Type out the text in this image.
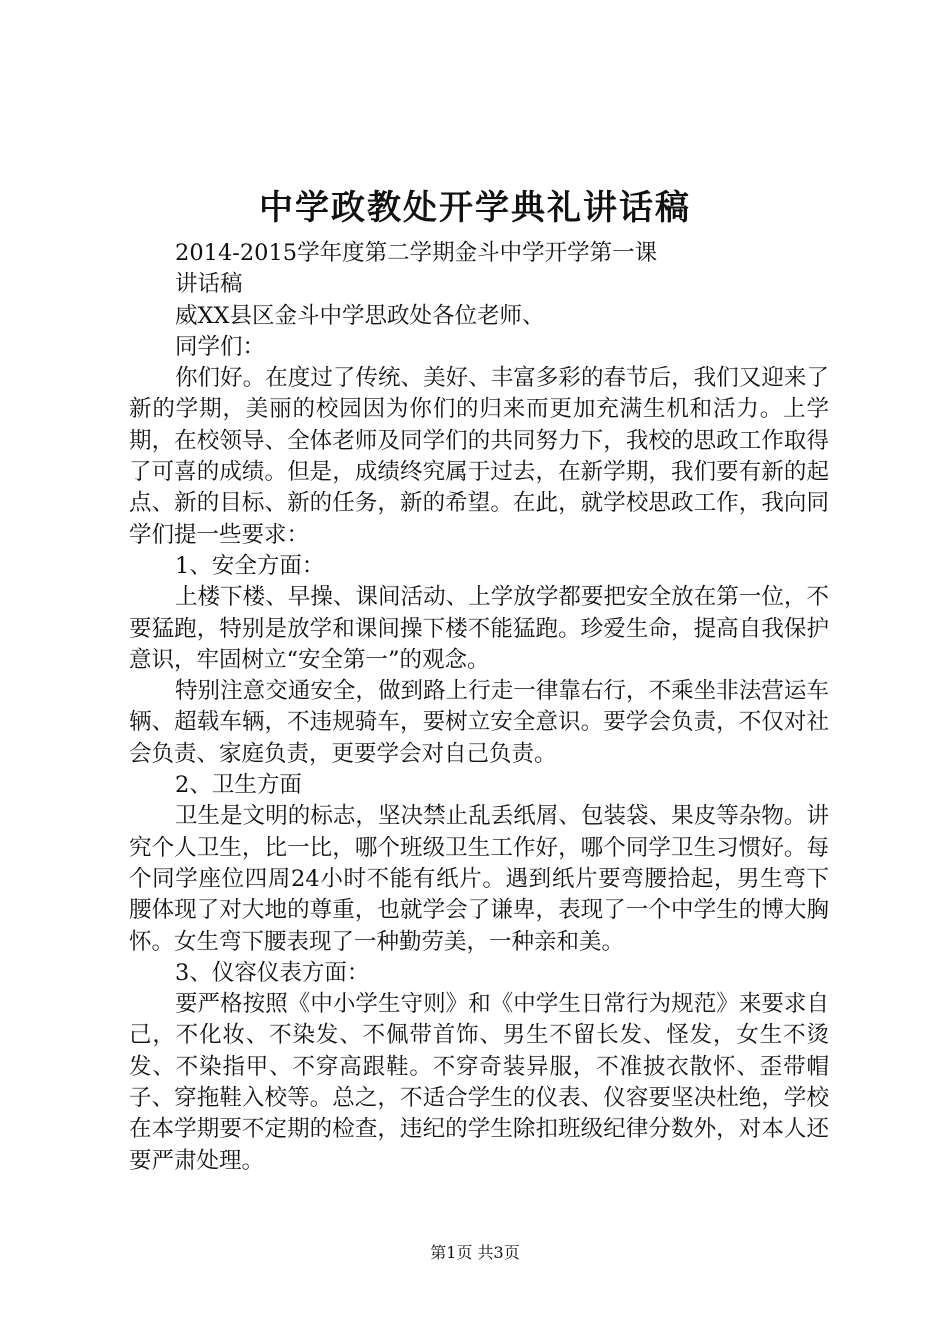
中学政教处开学典礼讲话稿

2014-2015学年度第二学期金斗中学开学第一课

讲话稿

威XX县区金斗中学思政处各位老师、

同学们：

你们好。在度过了传统、美好、丰富多彩的春节后，我们又迎来了新的学期，美丽的校园因为你们的归来而更加充满生机和活力。上学期，在校领导、全体老师及同学们的共同努力下，我校的思政工作取得了可喜的成绩。但是，成绩终究属于过去，在新学期，我们要有新的起点、新的目标、新的任务，新的希望。在此，就学校思政工作，我向同学们提一些要求：

1、安全方面：

上楼下楼、早操、课间活动、上学放学都要把安全放在第一位，不要猛跑，特别是放学和课间操下楼不能猛跑。珍爱生命，提高自我保护意识，牢固树立“安全第一”的观念。

特别注意交通安全，做到路上行走一律靠右行，不乘坐非法营运车辆、超载车辆，不违规骑车，要树立安全意识。要学会负责，不仅对社会负责、家庭负责，更要学会对自己负责。

2、卫生方面

卫生是文明的标志，坚决禁止乱丢纸屑、包装袋、果皮等杂物。讲究个人卫生，比一比，哪个班级卫生工作好，哪个同学卫生习惯好。每个同学座位四周24小时不能有纸片。遇到纸片要弯腰拾起，男生弯下腰体现了对大地的尊重，也就学会了谦卑，表现了一个中学生的博大胸怀。女生弯下腰表现了一种勤劳美，一种亲和美。

3、仪容仪表方面：

要严格按照《中小学生守则》和《中学生日常行为规范》来要求自己，不化妆、不染发、不佩带首饰、男生不留长发、怪发，女生不烫发、不染指甲、不穿高跟鞋。不穿奇装异服，不准披衣散怀、歪带帽子、穿拖鞋入校等。总之，不适合学生的仪表、仪容要坚决杜绝，学校在本学期要不定期的检查，违纪的学生除扣班级纪律分数外，对本人还要严肃处理。

第1页 共3页
